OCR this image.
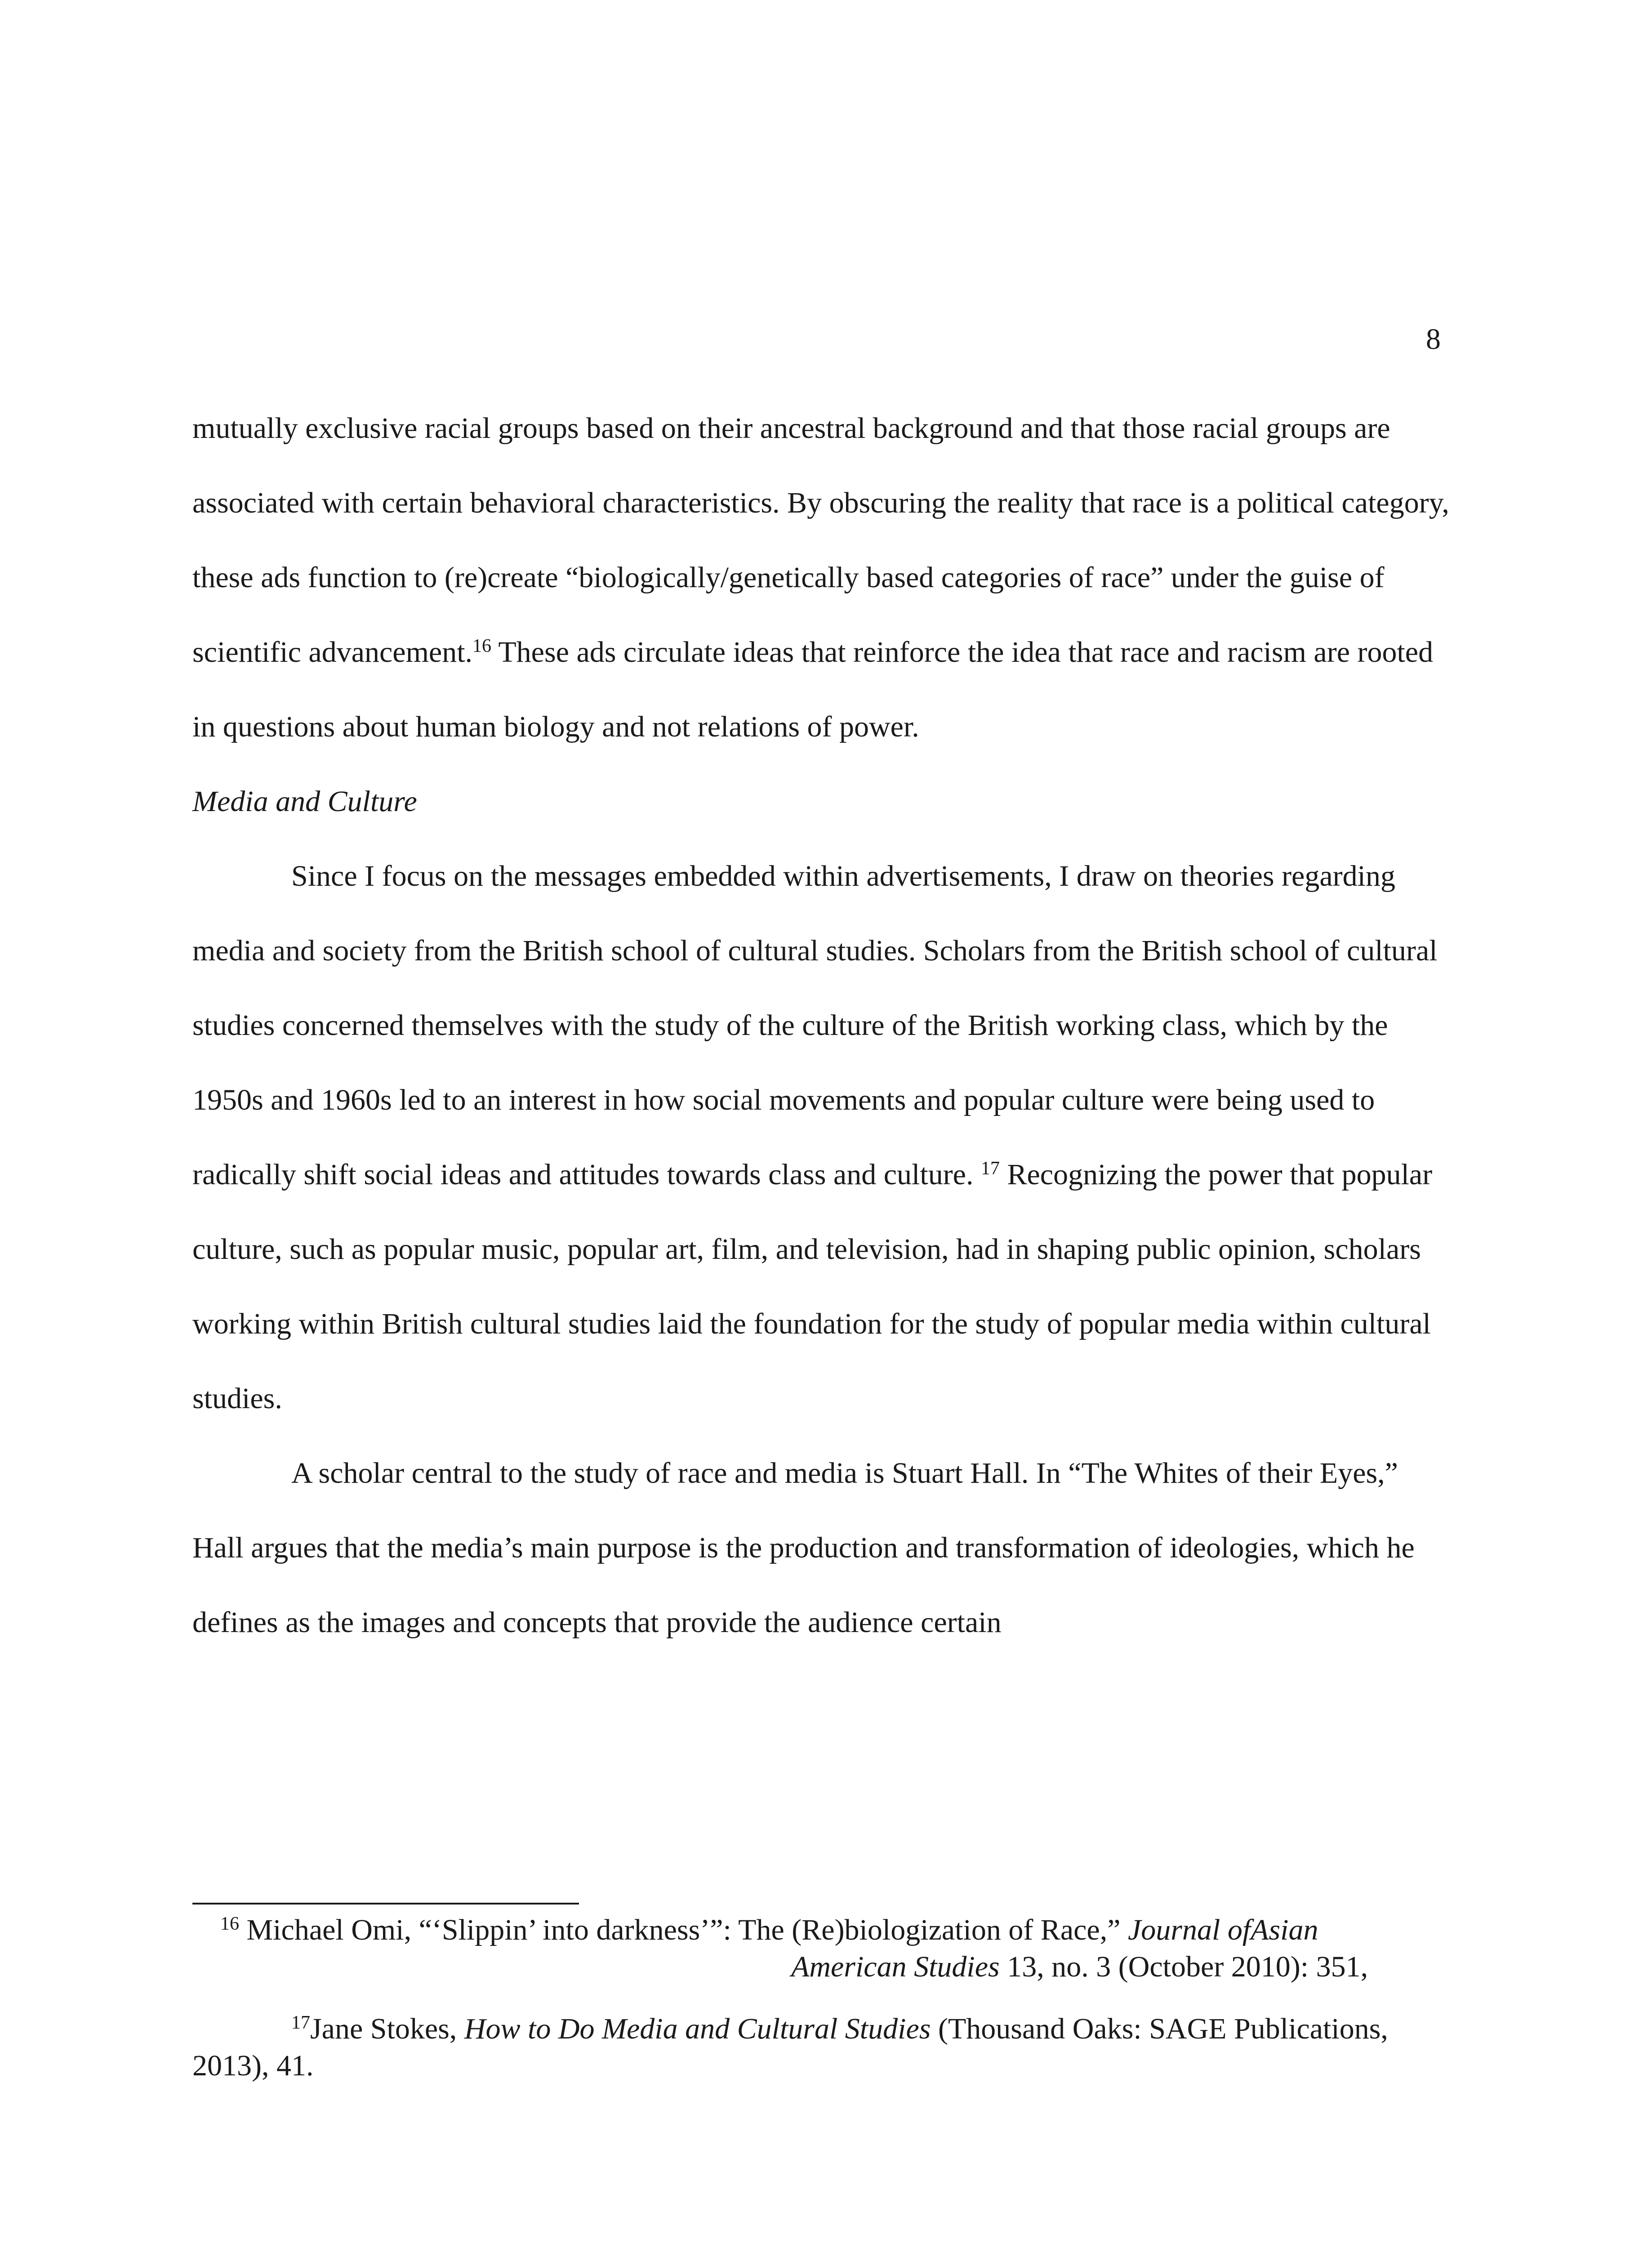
8

mutually exclusive racial groups based on their ancestral background and that those racial groups are associated with certain behavioral characteristics. By obscuring the reality that race is a political category, these ads function to (re)create “biologically/genetically based categories of race” under the guise of scientific advancement.$^{16}$ These ads circulate ideas that reinforce the idea that race and racism are rooted in questions about human biology and not relations of power.

Media and Culture

Since I focus on the messages embedded within advertisements, I draw on theories regarding media and society from the British school of cultural studies. Scholars from the British school of cultural studies concerned themselves with the study of the culture of the British working class, which by the 1950s and 1960s led to an interest in how social movements and popular culture were being used to radically shift social ideas and attitudes towards class and culture. $^{17}$ Recognizing the power that popular culture, such as popular music, popular art, film, and television, had in shaping public opinion, scholars working within British cultural studies laid the foundation for the study of popular media within cultural studies.

A scholar central to the study of race and media is Stuart Hall. In “The Whites of their Eyes,” Hall argues that the media’s main purpose is the production and transformation of ideologies, which he defines as the images and concepts that provide the audience certain

$^{16}$ Michael Omi, “‘Slippin’ into darkness’”: The (Re)biologization of Race,” Journal ofAsian
American Studies 13, no. 3 (October 2010): 351,

$^{17}$Jane Stokes, How to Do Media and Cultural Studies (Thousand Oaks: SAGE Publications, 2013), 41.
